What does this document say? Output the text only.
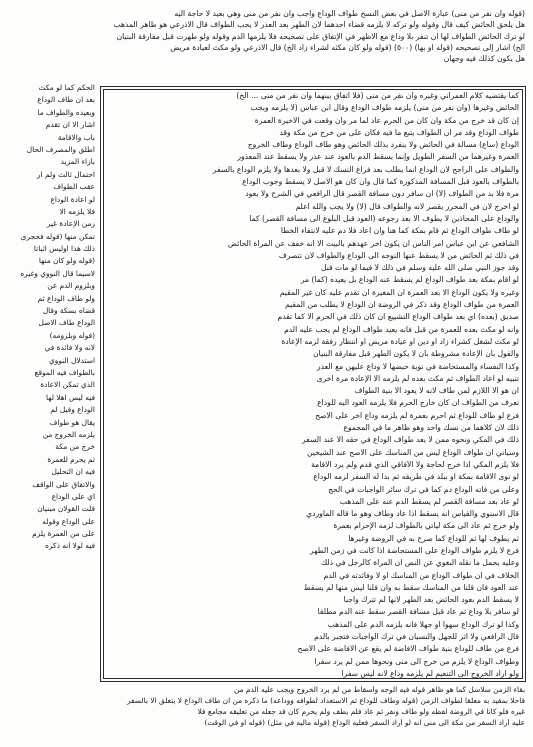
(قوله وان نفر من منى) عبارة الأصل في بعض النسخ طواف الوداع واجب وان نفر من منى وهي بعيد لا حاجة اليه
هل يلحق الحائض كيف قال وقوله ولو تركه لا يلزمه قضاء أحدهما لأن الطهر بعد العذر لا يجب الطواف قال الاذرعي هو ظاهر المذهب
لو ترك الحائض الطواف لها أن تنفر بلا وداع مع الأظهر في الإتفاق على تصحيحه فلا يلزمها الدم وقوله ولو طهرت قبل مفارقة البنيان
الخ) أشار إلى تصحيحه (قوله أو بها) (٥٠٠) (قوله ولو كان مكثه لشراء زاد الخ) قال الأذرعي ولو مكث لعيادة مريض
هل يكون كذلك فيه وجهان
الحكم كما لو مكث
بعد ان طاف الوداع
ويعيده والطواف ما
اشار الا ان تقدم
باب والاقامة
أطلق والمصرف الحال
بازاء المزيد
احتمال ثالث ولم ار
عقب الطواف
لو أعادة الوداع
فلا يلزمه الا
زمن الإعادة غير
تمكن منها (قوله فحجرى
ذلك هذا اوليس اثباتا
(قوله ولو كان منها
لاسيما قال النووي وغيره
وبلزوم الدم عن
ولو طاف الوداع ثم
قضاه بسكة وقال
الوداع طاف الاصل
(قوله وبلزومه)
لانه ولا فائدة في
استدلال النووي
بالطواف فيه الموقع
الذي تمكن الاعادة
فيه ليس اهلا لها
الوداع وقيل لم
يقال هو طواف
يلزمه الخروج من
خرج من مكة
ثم يحرم للعمرة
فيه ان التحليل
والاتفاق على الواقف
أي على الوداع
قلت القولان مبنيان
على الوداع وقوله
على من العمرة يلزم
فيه لولا انه ذكره
كما يقتضيه كلام العمراني وغيره وان نفر من منى (فلا اتفاق بينهما وان نفر من منى ... الخ)
الحائض وغيرها (وان نفر من منى) يلزمه طواف الوداع وقال ابن عباس (لا يلزمه ويجب
إن كان قد خرج من مكة وان كان من الحرم عاد لما مر وان وقعت في الأخيرة العمرة
طواف الوداع وقد مر ان الطواف يتبع ما فيه فكان على من خرج من مكة وقد
الوداع (ساع) مسألة في الحائض ولا ينفرد بذلك الحائض وهو طاف الوداع وطاف الخروج
العمرة وغيرهما من السفر الطويل وإنما يسقط الدم بالعود عند عذر ولا يسقط عند المعذور
والطواف على الراجح لان الوداع انما يطلب بعد فراغ النسك لا قبل ولا بعدها ولا يلزم الوداع بالسفر
بالطواف بالعود قبل المسافة المذكورة كما قال وان كان هو الاصل لا يسقط وجوب الوداع
مرة فلا بد من الطواف (لا) ان سافر دون مسافة القصر قال الرافعي في الشرح ولا يعود
لو أخرج لان في المحرر يقصر لانه والطواف قال (لا) ولا يجب والله أعلم
والوداع على المحاذين لا يطوف الا بعد رجوعه (العود قبل البلوغ الى مسافة القصر) كما
لو طاف طواف الوداع ثم قام بمكة كما هنا وان اعاد فلا دم عليه لانتفاء الخطأ
الشافعي عن ابن عباس امر الناس ان يكون آخر عهدهم بالبيت الا انه خفف عن المرأة الحائض
في ذلك ثم الحائض من لا يسقط عنها التوجه الى الوداع والطواف لان تتصرف
وقد جوز النبي صلى الله عليه وسلم في ذلك لا فيما لو مات قبل
لو أقام بمكة بعد طواف الوداع لم يسقط عنه الوداع بل يعيده (كما) مر
وغيره ولا يكون الوداع الا بعد العمرة ان المغيرة ان تقدم عليه كان غير المقيم
العمرة من طواف الوداع وقد ذكر في الروضة ان الوداع لا يطلب من المقيم
صديق (بعده) أي بعد طواف الوداع التشييع ان كان ذلك في الحرم الا كما تقدم
وانه لو مكث بعده للعمرة من قبل فانه يعيد طواف الوداع لم يجب عليه الدم
لو مكث لشغل كشراء زاد او دين او عيادة مريض او انتظار رفقة لزمه الإعادة
والقول بأن الإعادة مشروطة بان لا يكون الطهر قبل مفارقة البنيان
وكذا النفساء والمستحاضة في نوبة حيضها لا وداع عليهن مع العذر
تنبيه لو اعاد الطواف ثم مكث بعده لم يلزمه الا الإعادة مرة اخرى
ان هو الا اللازم لمن طاف لانه لا يعود الا بنية الطواف
تعرف من الطواف ان كان خارج الحرم فلا يلزمه العود اليه للوداع
فرع لو طاف للوداع ثم أحرم بعمرة لم يلزمه وداع آخر على الأصح
ذلك لان كلاهما من نسك واحد وهو ظاهر ما في المجموع
ذلك في المكي ونحوه ممن لا يعد طواف الوداع في حقه الا عند السفر
وسيأتي ان طواف الوداع ليس من المناسك على الأصح عند الشيخين
فلا يلزم المكي اذا خرج لحاجة ولا الآفاقي الذي قدم ولم يرد الاقامة
لو نوى الاقامة بمكة او ببلد في طريقه ثم بدا له السفر لزمه الوداع
وعلى من فاته الوداع دم كما في ترك سائر الواجبات في الحج
لو عاد بعد مسافة القصر لم يسقط الدم عنه على المذهب
قال الاسنوي والقياس انه يسقط اذا عاد وطاف وهو ما قاله الماوردي
ولو خرج ثم عاد الى مكة ليأتي بالطواف لزمه الإحرام بعمرة
ثم يطوف لها ثم للوداع كما صرح به في الروضة وغيرها
فرع لا يلزم طواف الوداع على المستحاضة اذا كانت في زمن الطهر
وعليه يحمل ما نقله البغوي عن النص ان المرأة كالرجل في ذلك
الخلاف في ان طواف الوداع من المناسك او لا وفائدته في الدم
عند العود فان قلنا من المناسك سقط به وان قلنا ليس منها لم يسقط
لا يسقط الدم بعود الحائض بعد الطهر لانها لم تترك واجبا
لو سافر بلا وداع ثم عاد قبل مسافة القصر سقط عنه الدم مطلقا
وكذا لو ترك الوداع سهوا او جهلا فانه يلزمه الدم على المذهب
قال الرافعي ولا اثر للجهل والنسيان في ترك الواجبات فتجبر بالدم
فرع من طاف للوداع بنية طواف الافاضة لم يقع عن الافاضة على الأصح
وطواف الوداع لا يلزم من خرج الى منى ونحوها ممن لم يرد سفرا
ولو اراد الخروج الى التنعيم لم يلزمه وداع لانه ليس سفرا
بقاء الزمن سلاسل كما هو ظاهر قوله فيه الوجه واسقاط من لم يرد الخروج ويجب عليه الدم من
قاحلا بمقيد به معلقا لطواف الزمن (قوله وطاف للوداع ثم الاستعداد لطوافه ووداعه) ما ذكره من ان طاف الوداع لا يتعلق الا بالسفر
غيره فلو كانا في الروضة لفظه ولو طاف ونفر ثم عاد فلم يطف ولم يحرم كان قد جعله من تعليقه مجامع فلا
عليه أراد السفر من مكة الى منى انه لو أراد السفر فعليه الوداع (قوله ماليه في مثل) (قوله او في الوقت)
